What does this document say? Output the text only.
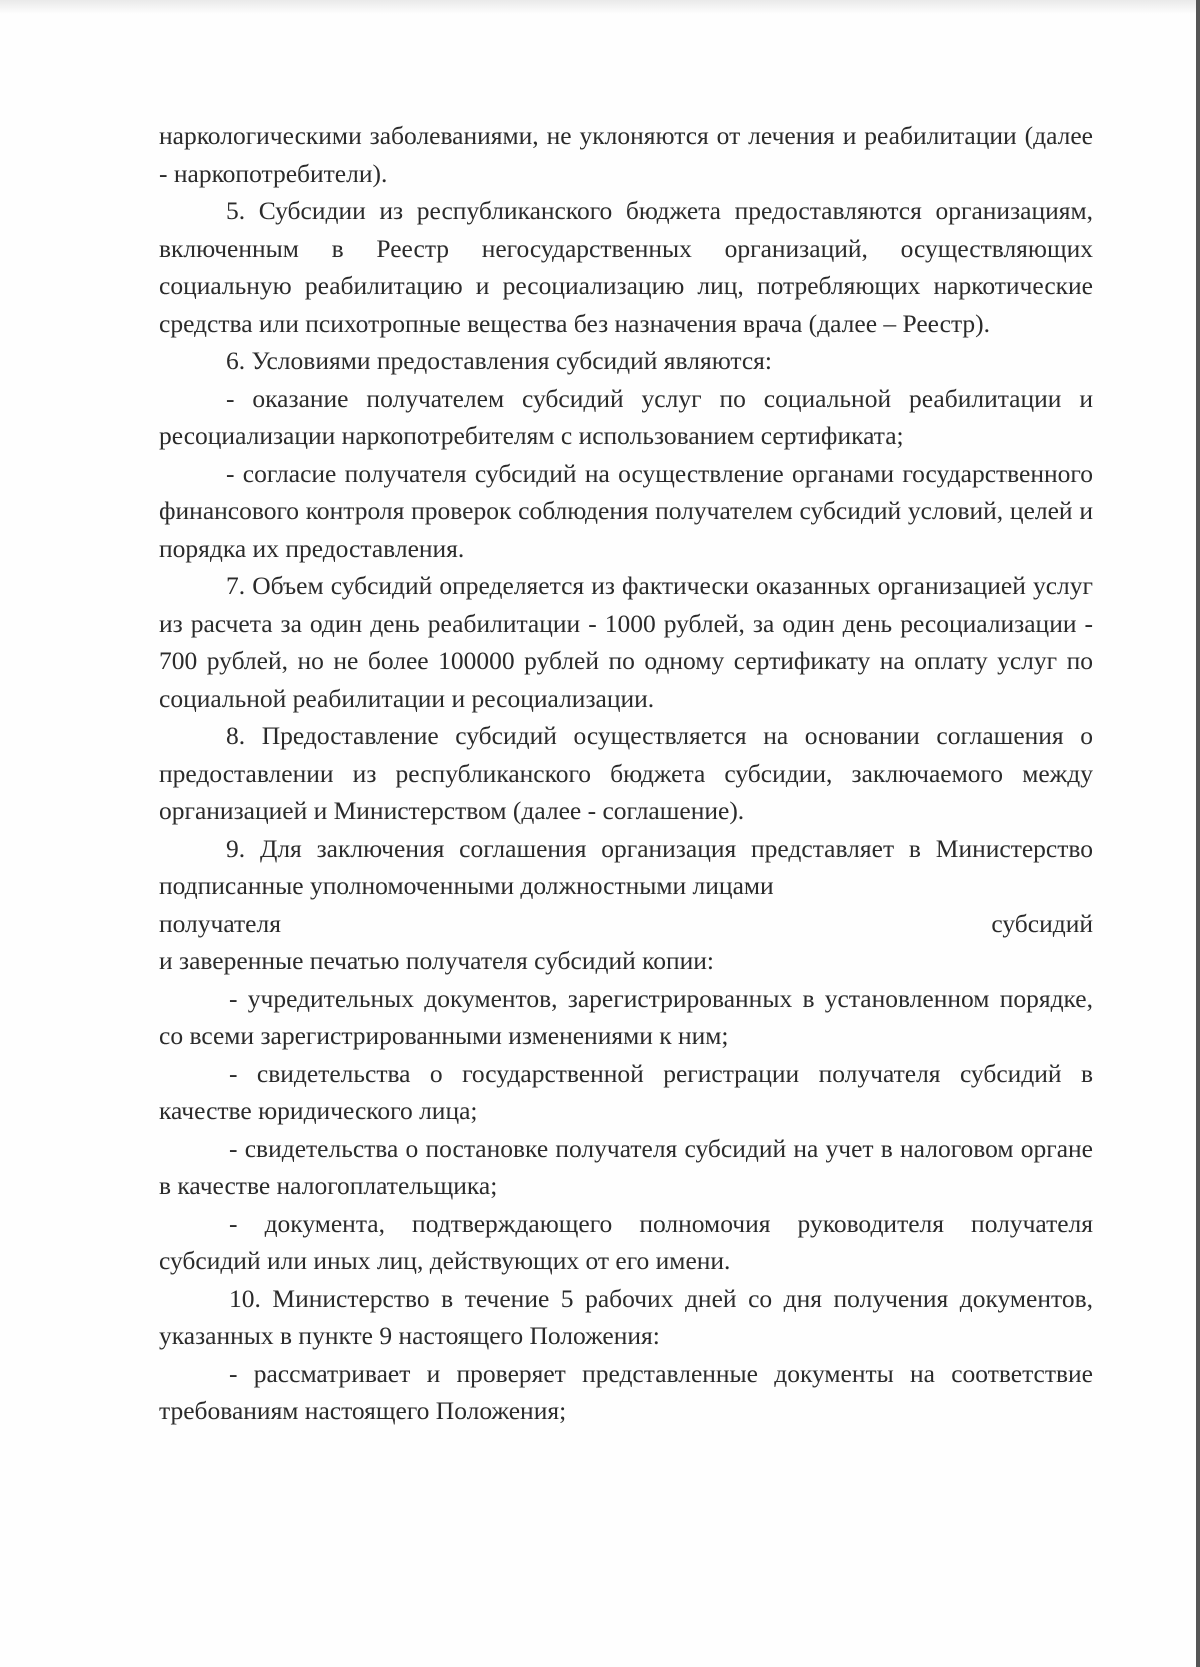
наркологическими заболеваниями, не уклоняются от лечения и реабилитации (далее - наркопотребители).

5. Субсидии из республиканского бюджета предоставляются организациям, включенным в Реестр негосударственных организаций, осуществляющих социальную реабилитацию и ресоциализацию лиц, потребляющих наркотические средства или психотропные вещества без назначения врача (далее – Реестр).

6. Условиями предоставления субсидий являются:

- оказание получателем субсидий услуг по социальной реабилитации и ресоциализации наркопотребителям с использованием сертификата;

- согласие получателя субсидий на осуществление органами государственного финансового контроля проверок соблюдения получателем субсидий условий, целей и порядка их предоставления.

7. Объем субсидий определяется из фактически оказанных организацией услуг из расчета за один день реабилитации - 1000 рублей, за один день ресоциализации - 700 рублей, но не более 100000 рублей по одному сертификату на оплату услуг по социальной реабилитации и ресоциализации.

8. Предоставление субсидий осуществляется на основании соглашения о предоставлении из республиканского бюджета субсидии, заключаемого между организацией и Министерством (далее - соглашение).

9. Для заключения соглашения организация представляет в Министерство подписанные уполномоченными должностными лицами

получателя	субсидий

и заверенные печатью получателя субсидий копии:

- учредительных документов, зарегистрированных в установленном порядке, со всеми зарегистрированными изменениями к ним;

- свидетельства о государственной регистрации получателя субсидий в качестве юридического лица;

- свидетельства о постановке получателя субсидий на учет в налоговом органе в качестве налогоплательщика;

- документа, подтверждающего полномочия руководителя получателя субсидий или иных лиц, действующих от его имени.

10. Министерство в течение 5 рабочих дней со дня получения документов, указанных в пункте 9 настоящего Положения:

- рассматривает и проверяет представленные документы на соответствие требованиям настоящего Положения;
